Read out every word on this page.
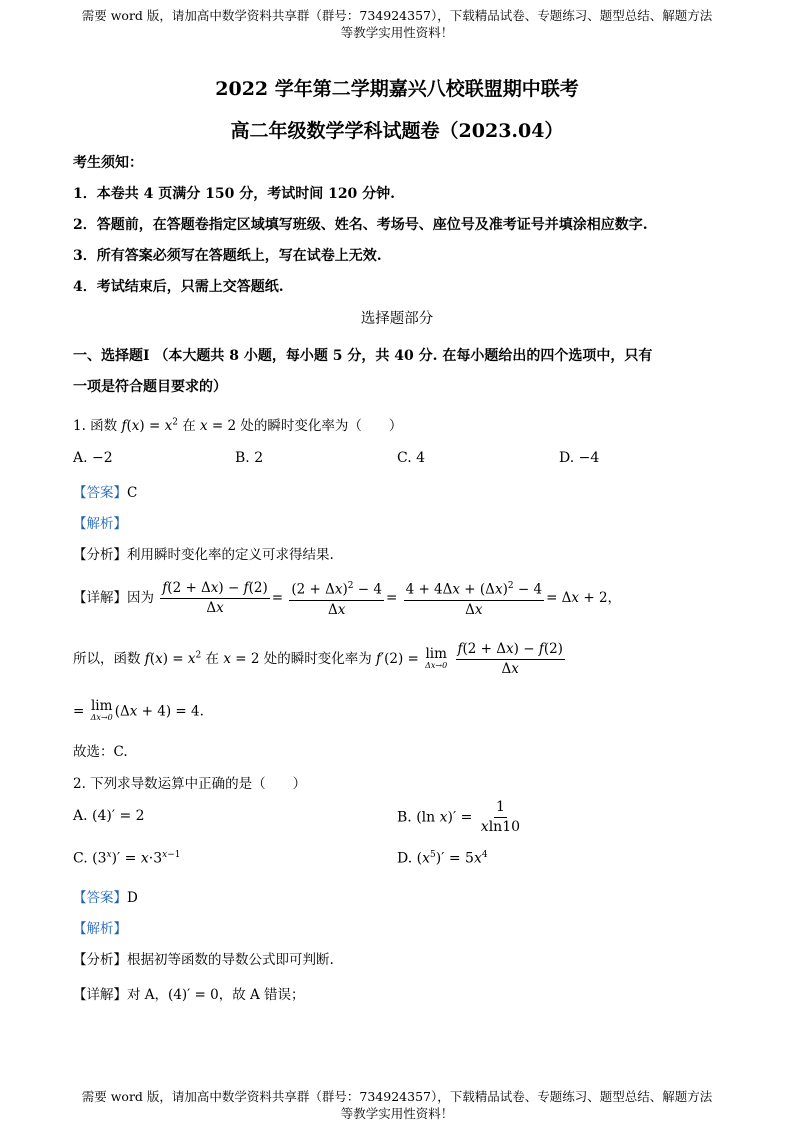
需要 word 版，请加高中数学资料共享群（群号：734924357），下载精品试卷、专题练习、题型总结、解题方法
等教学实用性资料！
2022 学年第二学期嘉兴八校联盟期中联考
高二年级数学学科试题卷（2023.04）
考生须知：
1．本卷共 4 页满分 150 分，考试时间 120 分钟.
2．答题前，在答题卷指定区域填写班级、姓名、考场号、座位号及准考证号并填涂相应数字.
3．所有答案必须写在答题纸上，写在试卷上无效.
4．考试结束后，只需上交答题纸.
选择题部分
一、选择题Ⅰ （本大题共 8 小题，每小题 5 分，共 40 分. 在每小题给出的四个选项中，只有
一项是符合题目要求的）
1. 函数 $f(x) = x^2$ 在 x = 2 处的瞬时变化率为（　　）
A. −2	B. 2	C. 4	D. −4
【答案】C
【解析】
【分析】利用瞬时变化率的定义可求得结果.
【详解】因为 $\frac{f(2 + \Delta x) - f(2)}{\Delta x} = \frac{(2 + \Delta x)^2 - 4}{\Delta x} = \frac{4 + 4\Delta x + (\Delta x)^2 - 4}{\Delta x} = \Delta x + 2$，
所以，函数 $f(x) = x^2$ 在 x = 2 处的瞬时变化率为 f′(2) = lim
Δx→0
$\frac{f(2 + \Delta x) - f(2)}{\Delta x}$
= lim
Δx→0 (Δx + 4) = 4.
故选：C.
2. 下列求导数运算中正确的是（　　）
A. (4)′ = 2	B. (ln $x)' = \frac{1}{xln10}$
C. $(3^x)' = x\cdot 3^{x-1}$	D. $(x^5)' = 5x^4$
【答案】D
【解析】
【分析】根据初等函数的导数公式即可判断.
【详解】对 A，(4)′ = 0，故 A 错误；
需要 word 版，请加高中数学资料共享群（群号：734924357），下载精品试卷、专题练习、题型总结、解题方法
等教学实用性资料！
